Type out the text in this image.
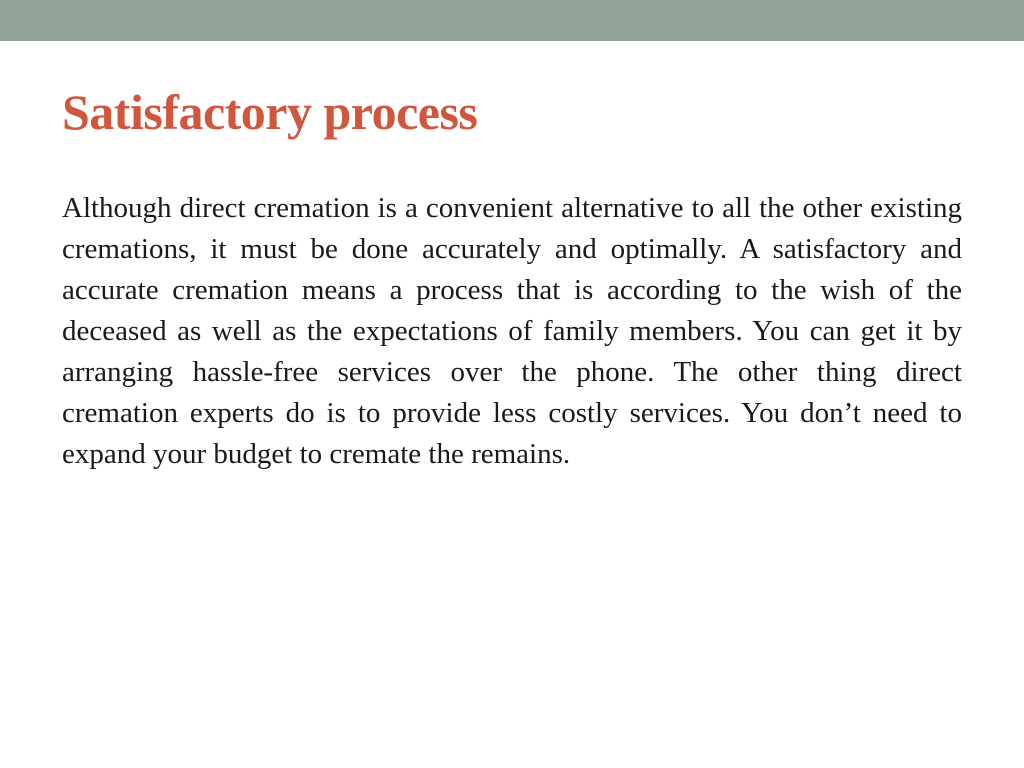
Satisfactory process

Although direct cremation is a convenient alternative to all the other existing cremations, it must be done accurately and optimally. A satisfactory and accurate cremation means a process that is according to the wish of the deceased as well as the expectations of family members. You can get it by arranging hassle-free services over the phone. The other thing direct cremation experts do is to provide less costly services. You don’t need to expand your budget to cremate the remains.
